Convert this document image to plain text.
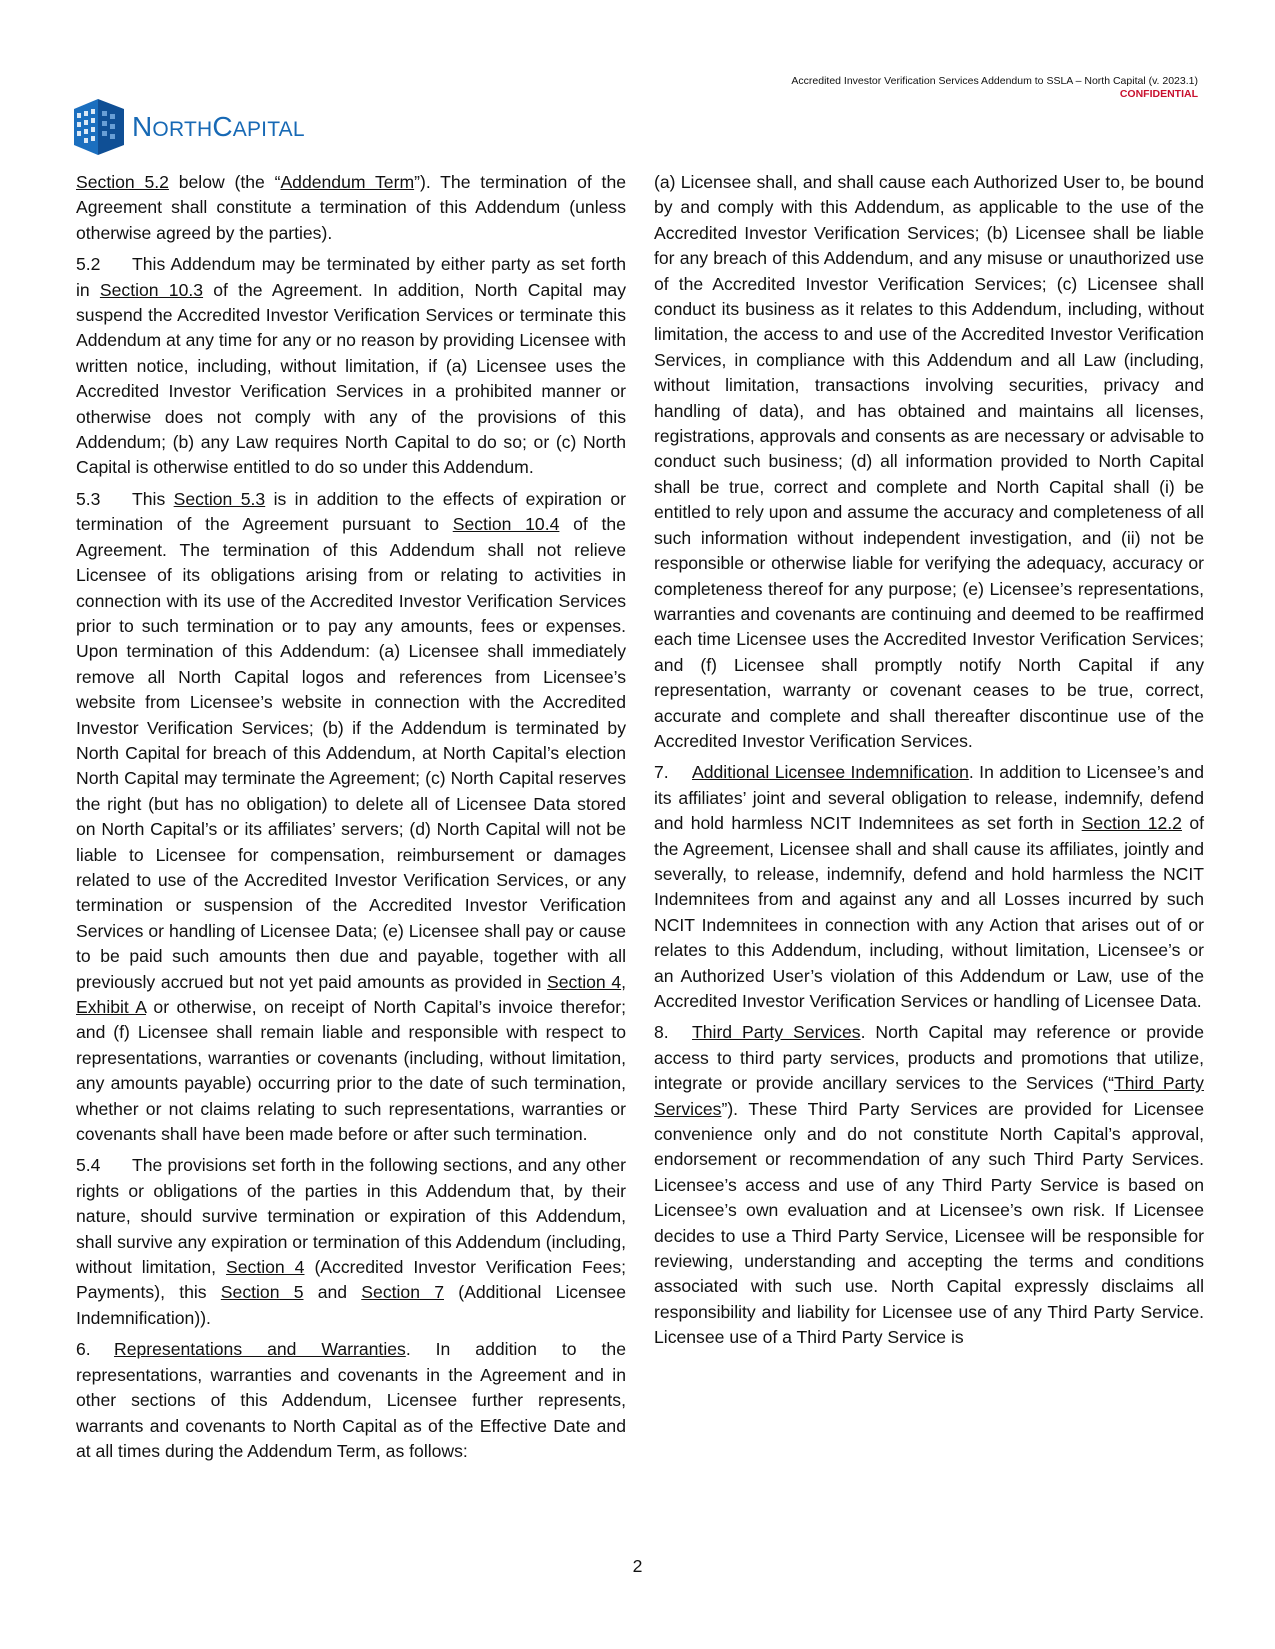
Accredited Investor Verification Services Addendum to SSLA – North Capital (v. 2023.1)
CONFIDENTIAL
NORTHCAPITAL

Section 5.2 below (the “Addendum Term”). The termination of the Agreement shall constitute a termination of this Addendum (unless otherwise agreed by the parties).

5.2 This Addendum may be terminated by either party as set forth in Section 10.3 of the Agreement. In addition, North Capital may suspend the Accredited Investor Verification Services or terminate this Addendum at any time for any or no reason by providing Licensee with written notice, including, without limitation, if (a) Licensee uses the Accredited Investor Verification Services in a prohibited manner or otherwise does not comply with any of the provisions of this Addendum; (b) any Law requires North Capital to do so; or (c) North Capital is otherwise entitled to do so under this Addendum.

5.3 This Section 5.3 is in addition to the effects of expiration or termination of the Agreement pursuant to Section 10.4 of the Agreement. The termination of this Addendum shall not relieve Licensee of its obligations arising from or relating to activities in connection with its use of the Accredited Investor Verification Services prior to such termination or to pay any amounts, fees or expenses. Upon termination of this Addendum: (a) Licensee shall immediately remove all North Capital logos and references from Licensee’s website from Licensee’s website in connection with the Accredited Investor Verification Services; (b) if the Addendum is terminated by North Capital for breach of this Addendum, at North Capital’s election North Capital may terminate the Agreement; (c) North Capital reserves the right (but has no obligation) to delete all of Licensee Data stored on North Capital’s or its affiliates’ servers; (d) North Capital will not be liable to Licensee for compensation, reimbursement or damages related to use of the Accredited Investor Verification Services, or any termination or suspension of the Accredited Investor Verification Services or handling of Licensee Data; (e) Licensee shall pay or cause to be paid such amounts then due and payable, together with all previously accrued but not yet paid amounts as provided in Section 4, Exhibit A or otherwise, on receipt of North Capital’s invoice therefor; and (f) Licensee shall remain liable and responsible with respect to representations, warranties or covenants (including, without limitation, any amounts payable) occurring prior to the date of such termination, whether or not claims relating to such representations, warranties or covenants shall have been made before or after such termination.

5.4 The provisions set forth in the following sections, and any other rights or obligations of the parties in this Addendum that, by their nature, should survive termination or expiration of this Addendum, shall survive any expiration or termination of this Addendum (including, without limitation, Section 4 (Accredited Investor Verification Fees; Payments), this Section 5 and Section 7 (Additional Licensee Indemnification)).

6. Representations and Warranties. In addition to the representations, warranties and covenants in the Agreement and in other sections of this Addendum, Licensee further represents, warrants and covenants to North Capital as of the Effective Date and at all times during the Addendum Term, as follows:

(a) Licensee shall, and shall cause each Authorized User to, be bound by and comply with this Addendum, as applicable to the use of the Accredited Investor Verification Services; (b) Licensee shall be liable for any breach of this Addendum, and any misuse or unauthorized use of the Accredited Investor Verification Services; (c) Licensee shall conduct its business as it relates to this Addendum, including, without limitation, the access to and use of the Accredited Investor Verification Services, in compliance with this Addendum and all Law (including, without limitation, transactions involving securities, privacy and handling of data), and has obtained and maintains all licenses, registrations, approvals and consents as are necessary or advisable to conduct such business; (d) all information provided to North Capital shall be true, correct and complete and North Capital shall (i) be entitled to rely upon and assume the accuracy and completeness of all such information without independent investigation, and (ii) not be responsible or otherwise liable for verifying the adequacy, accuracy or completeness thereof for any purpose; (e) Licensee’s representations, warranties and covenants are continuing and deemed to be reaffirmed each time Licensee uses the Accredited Investor Verification Services; and (f) Licensee shall promptly notify North Capital if any representation, warranty or covenant ceases to be true, correct, accurate and complete and shall thereafter discontinue use of the Accredited Investor Verification Services.

7. Additional Licensee Indemnification. In addition to Licensee’s and its affiliates’ joint and several obligation to release, indemnify, defend and hold harmless NCIT Indemnitees as set forth in Section 12.2 of the Agreement, Licensee shall and shall cause its affiliates, jointly and severally, to release, indemnify, defend and hold harmless the NCIT Indemnitees from and against any and all Losses incurred by such NCIT Indemnitees in connection with any Action that arises out of or relates to this Addendum, including, without limitation, Licensee’s or an Authorized User’s violation of this Addendum or Law, use of the Accredited Investor Verification Services or handling of Licensee Data.

8. Third Party Services. North Capital may reference or provide access to third party services, products and promotions that utilize, integrate or provide ancillary services to the Services (“Third Party Services”). These Third Party Services are provided for Licensee convenience only and do not constitute North Capital’s approval, endorsement or recommendation of any such Third Party Services. Licensee’s access and use of any Third Party Service is based on Licensee’s own evaluation and at Licensee’s own risk. If Licensee decides to use a Third Party Service, Licensee will be responsible for reviewing, understanding and accepting the terms and conditions associated with such use. North Capital expressly disclaims all responsibility and liability for Licensee use of any Third Party Service. Licensee use of a Third Party Service is

2
